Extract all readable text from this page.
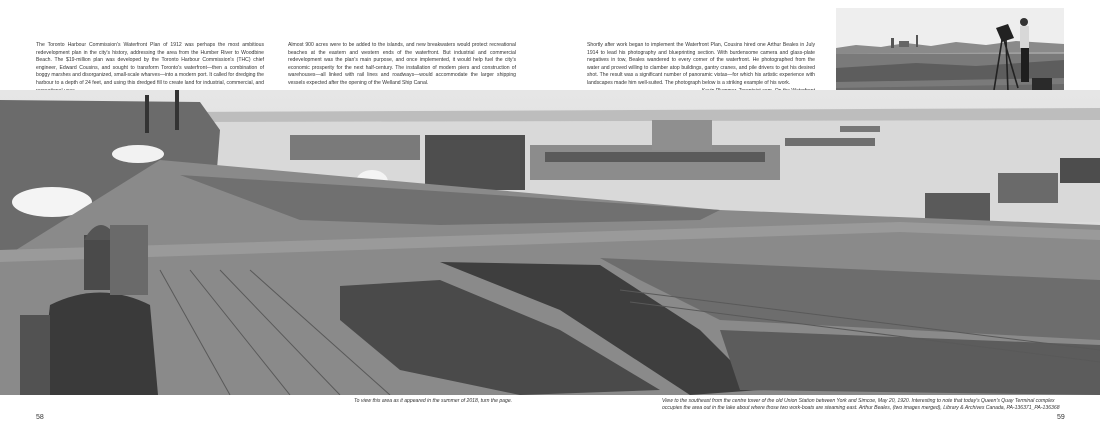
The Toronto Harbour Commission's Waterfront Plan of 1912 was perhaps the most ambitious redevelopment plan in the city's history, addressing the area from the Humber River to Woodbine Beach. The $19-million plan was developed by the Toronto Harbour Commission's (THC) chief engineer, Edward Cousins, and sought to transform Toronto's waterfront—then a combination of boggy marshes and disorganized, small-scale wharves—into a modern port. It called for dredging the harbour to a depth of 24 feet, and using this dredged fill to create land for industrial, commercial, and
Almost 900 acres were to be added to the islands, and new breakwaters would protect recreational beaches at the eastern and western ends of the waterfront. But industrial and commercial redevelopment was the plan's main purpose, and once implemented, it would help fuel the city's economic prosperity for the next half-century. The installation of modern piers and construction of warehouses—all linked with rail lines and roadways—would accommodate the larger shipping vessels expected after the opening of the Welland Ship Canal.
Shortly after work began to implement the Waterfront Plan, Cousins hired one Arthur Beales in July 1914 to lead his photography and blueprinting section. With burdensome camera and glass-plate negatives in tow, Beales wandered to every corner of the waterfront. He photographed from the water and proved willing to clamber atop buildings, gantry cranes, and pile drivers to get his desired shot. The result was a significant number of panoramic vistas—for which his artistic experience with landscapes made him well-suited. The photograph below is a striking example of his work.
To view this area as it appeared in the summer of 2018, turn the page.	View to the southeast from the centre tower of the old Union Station between York and Simcoe, May 20, 1920. Interesting to note that today's Queen's Quay Terminal complex occupies the area out in the lake about where those two work-boats are steaming east. Arthur Beales, (two images merged), Library & Archives Canada, PA-136371_PA-136368
58	59
